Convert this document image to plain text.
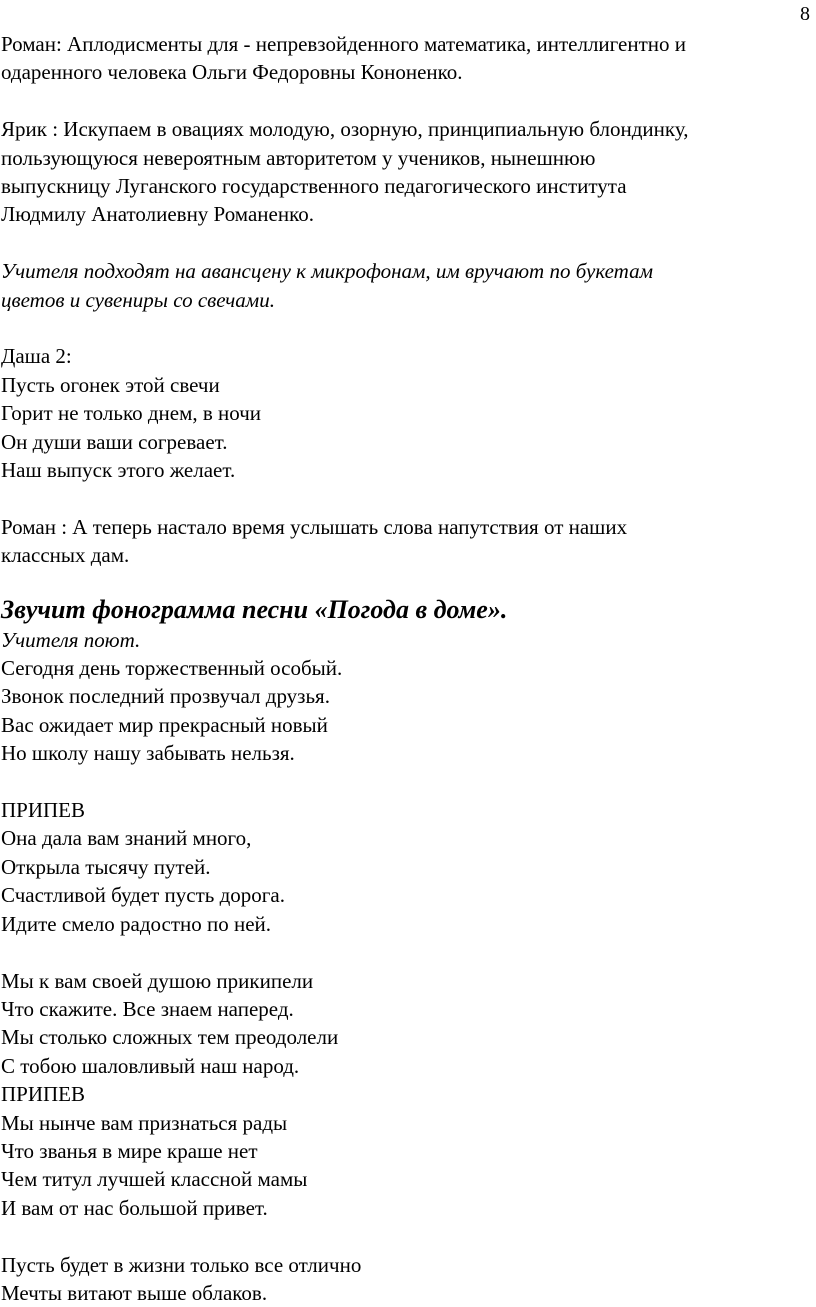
8

Роман: Аплодисменты для - непревзойденного математика, интеллигентно и
одаренного человека Ольги Федоровны Кононенко.

Ярик : Искупаем в овациях молодую, озорную, принципиальную блондинку,
пользующуюся невероятным авторитетом у учеников, нынешнюю
выпускницу Луганского государственного педагогического института
Людмилу Анатолиевну Романенко.

Учителя подходят на авансцену к микрофонам, им вручают по букетам
цветов и сувениры со свечами.

Даша 2:
Пусть огонек этой свечи
Горит не только днем, в ночи
Он души ваши согревает.
Наш выпуск этого желает.

Роман : А теперь настало время услышать слова напутствия от наших
классных дам.

Звучит фонограмма песни «Погода в доме».

Учителя поют.

Сегодня день торжественный особый.
Звонок последний прозвучал друзья.
Вас ожидает мир прекрасный новый
Но школу нашу забывать нельзя.

ПРИПЕВ
Она дала вам знаний много,
Открыла тысячу путей.
Счастливой будет пусть дорога.
Идите смело радостно по ней.

Мы к вам своей душою прикипели
Что скажите. Все знаем наперед.
Мы столько сложных тем преодолели
С тобою шаловливый наш народ.
ПРИПЕВ
Мы нынче вам признаться рады
Что званья в мире краше нет
Чем титул лучшей классной мамы
И вам от нас большой привет.

Пусть будет в жизни только все отлично
Мечты витают выше облаков.
